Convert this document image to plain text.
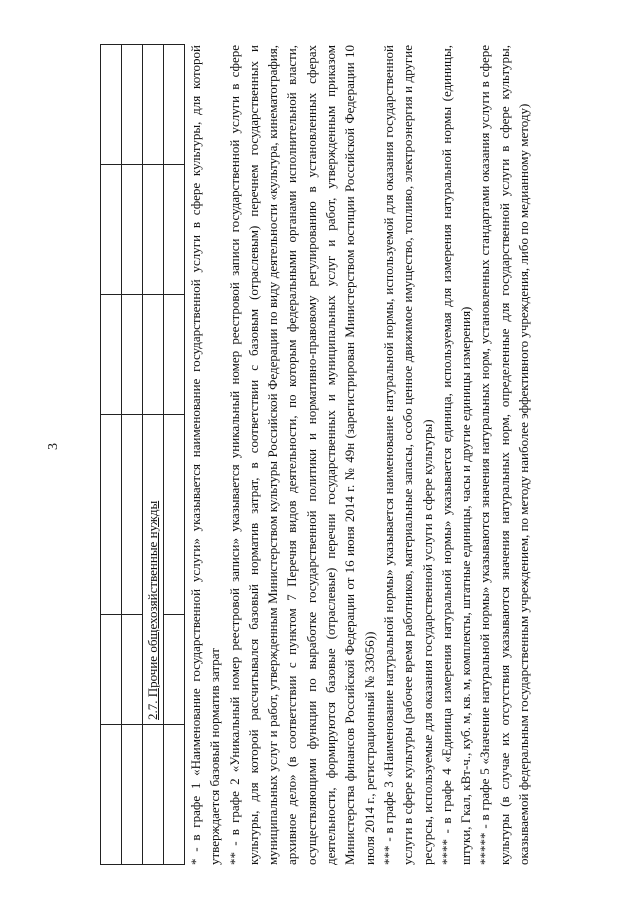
	2.7. Прочие общехозяйственные нужды				
					* - в графе 1 «Наименование государственной услуги» указывается наименование государственной услуги в сфере культуры, для которой утверждается базовый норматив затрат ** - в графе 2 «Уникальный номер реестровой записи» указывается уникальный номер реестровой записи государственной услуги в сфере культуры, для которой рассчитывался базовый норматив затрат, в соответствии с базовым (отраслевым) перечнем государственных и муниципальных услуг и работ, утвержденным Министерством культуры Российской Федерации по виду деятельности «культура, кинематография, архивное дело» (в соответствии с пунктом 7 Перечня видов деятельности, по которым федеральными органами исполнительной власти, осуществляющими функции по выработке государственной политики и нормативно-правовому регулированию в установленных сферах деятельности, формируются базовые (отраслевые) перечни государственных и муниципальных услуг и работ, утвержденным приказом Министерства финансов Российской Федерации от 16 июня 2014 г. № 49н (зарегистрирован Министерством юстиции Российской Федерации 10 июля 2014 г., регистрационный № 33056)) *** - в графе 3 «Наименование натуральной нормы» указывается наименование натуральной нормы, используемой для оказания государственной услуги в сфере культуры (рабочее время работников, материальные запасы, особо ценное движимое имущество, топливо, электроэнергия и другие ресурсы, используемые для оказания государственной услуги в сфере культуры) **** - в графе 4 «Единица измерения натуральной нормы» указывается единица, используемая для измерения натуральной нормы (единицы, штуки, Гкал, кВт-ч., куб. м, кв. м, комплекты, штатные единицы, часы и другие единицы измерения) ***** - в графе 5 «Значение натуральной нормы» указываются значения натуральных норм, установленных стандартами оказания услуги в сфере культуры (в случае их отсутствия указываются значения натуральных норм, определенные для государственной услуги в сфере культуры, оказываемой федеральным государственным учреждением, по методу наиболее эффективного учреждения, либо по медианному методу)

3
